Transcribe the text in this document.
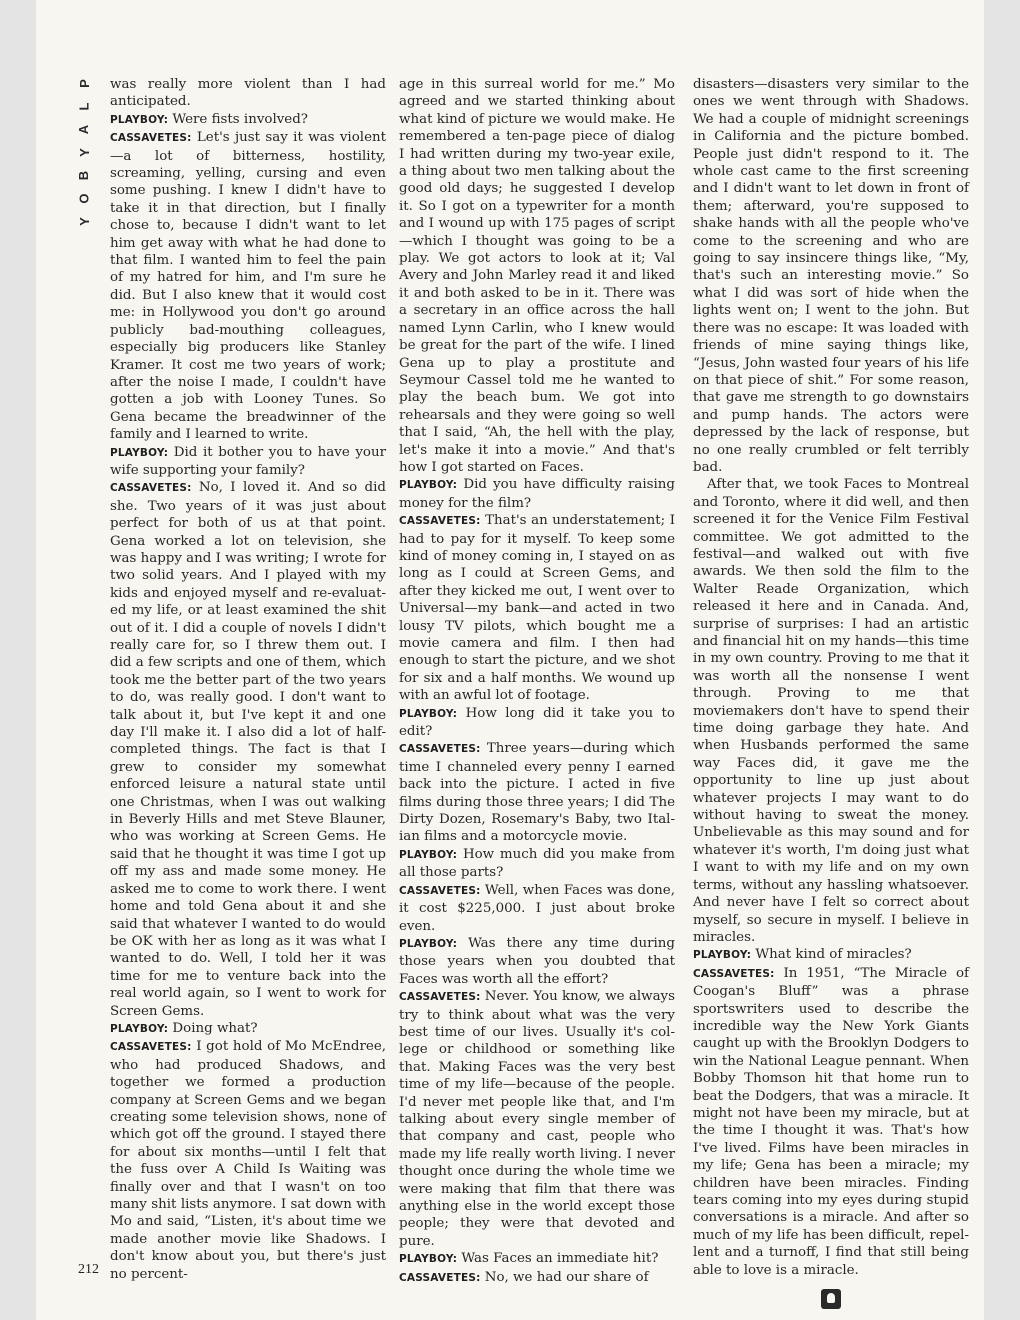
P
L
A
Y
B
O
Y

was really more violent than I had anticipated.

PLAYBOY: Were fists involved?

CASSAVETES: Let's just say it was violent—a lot of bitterness, hostility, screaming, yelling, cursing and even some pushing. I knew I didn't have to take it in that direction, but I finally chose to, because I didn't want to let him get away with what he had done to that film. I wanted him to feel the pain of my hatred for him, and I'm sure he did. But I also knew that it would cost me: in Hollywood you don't go around publicly bad-mouthing colleagues, especially big producers like Stanley Kramer. It cost me two years of work; after the noise I made, I couldn't have gotten a job with Looney Tunes. So Gena became the breadwinner of the family and I learned to write.

PLAYBOY: Did it bother you to have your wife supporting your family?

CASSAVETES: No, I loved it. And so did she. Two years of it was just about perfect for both of us at that point. Gena worked a lot on television, she was happy and I was writing; I wrote for two solid years. And I played with my kids and enjoyed myself and re-evaluated my life, or at least examined the shit out of it. I did a couple of novels I didn't really care for, so I threw them out. I did a few scripts and one of them, which took me the better part of the two years to do, was really good. I don't want to talk about it, but I've kept it and one day I'll make it. I also did a lot of half-completed things. The fact is that I grew to consider my somewhat enforced leisure a natural state until one Christmas, when I was out walking in Beverly Hills and met Steve Blauner, who was working at Screen Gems. He said that he thought it was time I got up off my ass and made some money. He asked me to come to work there. I went home and told Gena about it and she said that whatever I wanted to do would be OK with her as long as it was what I wanted to do. Well, I told her it was time for me to venture back into the real world again, so I went to work for Screen Gems.

PLAYBOY: Doing what?

CASSAVETES: I got hold of Mo McEndree, who had produced Shadows, and together we formed a production company at Screen Gems and we began creating some television shows, none of which got off the ground. I stayed there for about six months—until I felt that the fuss over A Child Is Waiting was finally over and that I wasn't on too many shit lists anymore. I sat down with Mo and said, “Listen, it's about time we made another movie like Shadows. I don't know about you, but there's just no percent-

age in this surreal world for me.” Mo agreed and we started thinking about what kind of picture we would make. He remembered a ten-page piece of dialog I had written during my two-year exile, a thing about two men talking about the good old days; he suggested I develop it. So I got on a typewriter for a month and I wound up with 175 pages of script—which I thought was going to be a play. We got actors to look at it; Val Avery and John Marley read it and liked it and both asked to be in it. There was a secretary in an office across the hall named Lynn Carlin, who I knew would be great for the part of the wife. I lined Gena up to play a prostitute and Seymour Cassel told me he wanted to play the beach bum. We got into rehearsals and they were going so well that I said, “Ah, the hell with the play, let's make it into a movie.” And that's how I got started on Faces.

PLAYBOY: Did you have difficulty raising money for the film?

CASSAVETES: That's an understatement; I had to pay for it myself. To keep some kind of money coming in, I stayed on as long as I could at Screen Gems, and after they kicked me out, I went over to Universal—my bank—and acted in two lousy TV pilots, which bought me a movie camera and film. I then had enough to start the picture, and we shot for six and a half months. We wound up with an awful lot of footage.

PLAYBOY: How long did it take you to edit?

CASSAVETES: Three years—during which time I channeled every penny I earned back into the picture. I acted in five films during those three years; I did The Dirty Dozen, Rosemary's Baby, two Italian films and a motorcycle movie.

PLAYBOY: How much did you make from all those parts?

CASSAVETES: Well, when Faces was done, it cost $225,000. I just about broke even.

PLAYBOY: Was there any time during those years when you doubted that Faces was worth all the effort?

CASSAVETES: Never. You know, we always try to think about what was the very best time of our lives. Usually it's college or childhood or something like that. Making Faces was the very best time of my life—because of the people. I'd never met people like that, and I'm talking about every single member of that company and cast, people who made my life really worth living. I never thought once during the whole time we were making that film that there was anything else in the world except those people; they were that devoted and pure.

PLAYBOY: Was Faces an immediate hit?

CASSAVETES: No, we had our share of

disasters—disasters very similar to the ones we went through with Shadows. We had a couple of midnight screenings in California and the picture bombed. People just didn't respond to it. The whole cast came to the first screening and I didn't want to let down in front of them; afterward, you're supposed to shake hands with all the people who've come to the screening and who are going to say insincere things like, “My, that's such an interesting movie.” So what I did was sort of hide when the lights went on; I went to the john. But there was no escape: It was loaded with friends of mine saying things like, “Jesus, John wasted four years of his life on that piece of shit.” For some reason, that gave me strength to go downstairs and pump hands. The actors were depressed by the lack of response, but no one really crumbled or felt terribly bad.

After that, we took Faces to Montreal and Toronto, where it did well, and then screened it for the Venice Film Festival committee. We got admitted to the festival—and walked out with five awards. We then sold the film to the Walter Reade Organization, which released it here and in Canada. And, surprise of surprises: I had an artistic and financial hit on my hands—this time in my own country. Proving to me that it was worth all the nonsense I went through. Proving to me that moviemakers don't have to spend their time doing garbage they hate. And when Husbands performed the same way Faces did, it gave me the opportunity to line up just about whatever projects I may want to do without having to sweat the money. Unbelievable as this may sound and for whatever it's worth, I'm doing just what I want to with my life and on my own terms, without any hassling whatsoever. And never have I felt so correct about myself, so secure in myself. I believe in miracles.

PLAYBOY: What kind of miracles?

CASSAVETES: In 1951, “The Miracle of Coogan's Bluff” was a phrase sportswriters used to describe the incredible way the New York Giants caught up with the Brooklyn Dodgers to win the National League pennant. When Bobby Thomson hit that home run to beat the Dodgers, that was a miracle. It might not have been my miracle, but at the time I thought it was. That's how I've lived. Films have been miracles in my life; Gena has been a miracle; my children have been miracles. Finding tears coming into my eyes during stupid conversations is a miracle. And after so much of my life has been difficult, repellent and a turnoff, I find that still being able to love is a miracle.

212
